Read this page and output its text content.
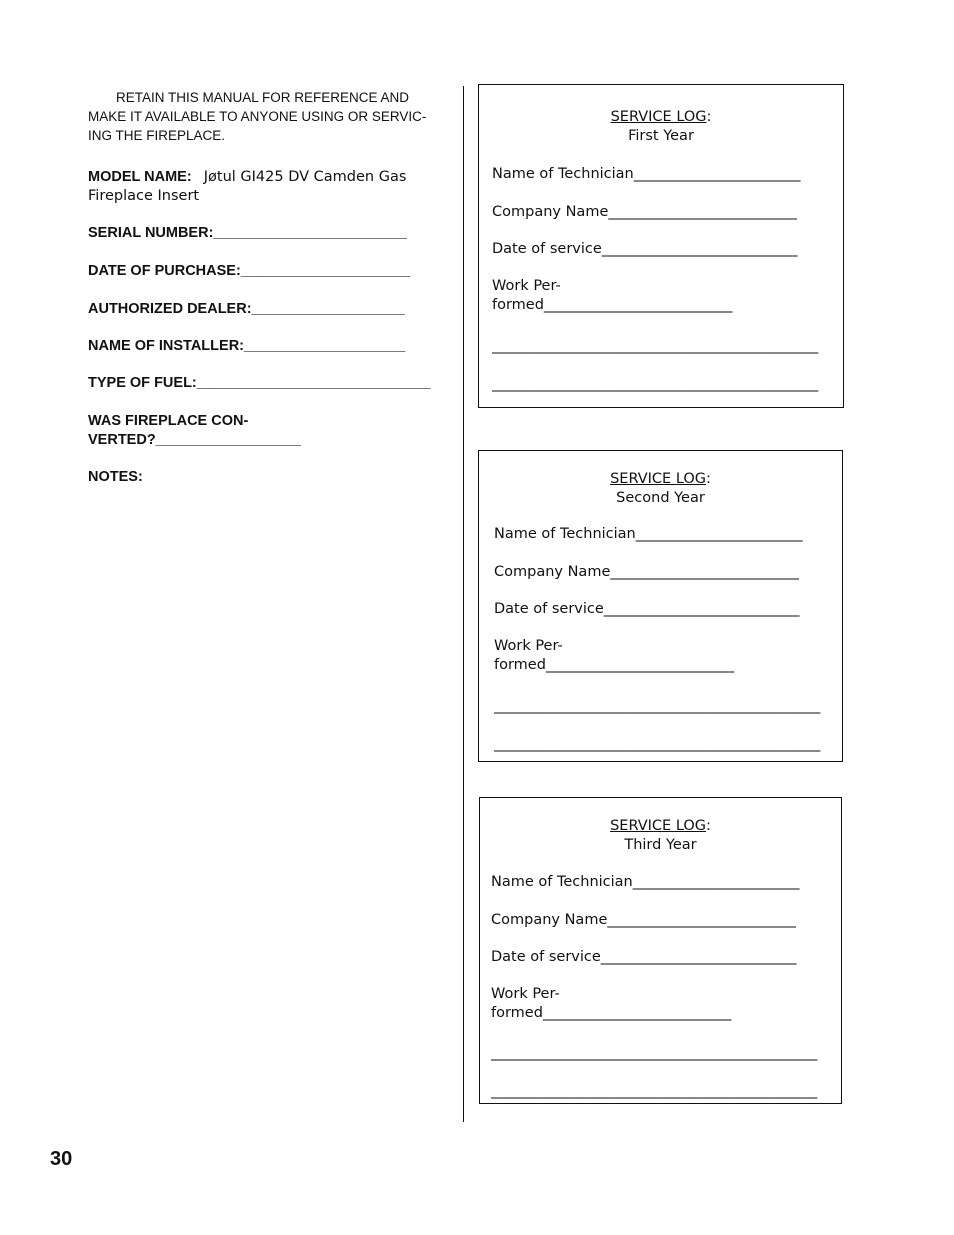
RETAIN THIS MANUAL FOR REFERENCE AND MAKE IT AVAILABLE TO ANYONE USING OR SERVIC-ING THE FIREPLACE.

MODEL NAME: Jøtul GI425 DV Camden Gas Fireplace Insert
SERIAL NUMBER:________________________
DATE OF PURCHASE:_____________________
AUTHORIZED DEALER:___________________
NAME OF INSTALLER:____________________
TYPE OF FUEL:_____________________________
WAS FIREPLACE CON-
VERTED?__________________
NOTES:
SERVICE LOG:
First Year
Name of Technician_______________________
Company Name__________________________
Date of service___________________________
Work Per-
formed__________________________
_____________________________________________
_____________________________________________
SERVICE LOG:
Second Year
Name of Technician_______________________
Company Name__________________________
Date of service___________________________
Work Per-
formed__________________________
_____________________________________________
_____________________________________________
SERVICE LOG:
Third Year
Name of Technician_______________________
Company Name__________________________
Date of service___________________________
Work Per-
formed__________________________
_____________________________________________
_____________________________________________
30
